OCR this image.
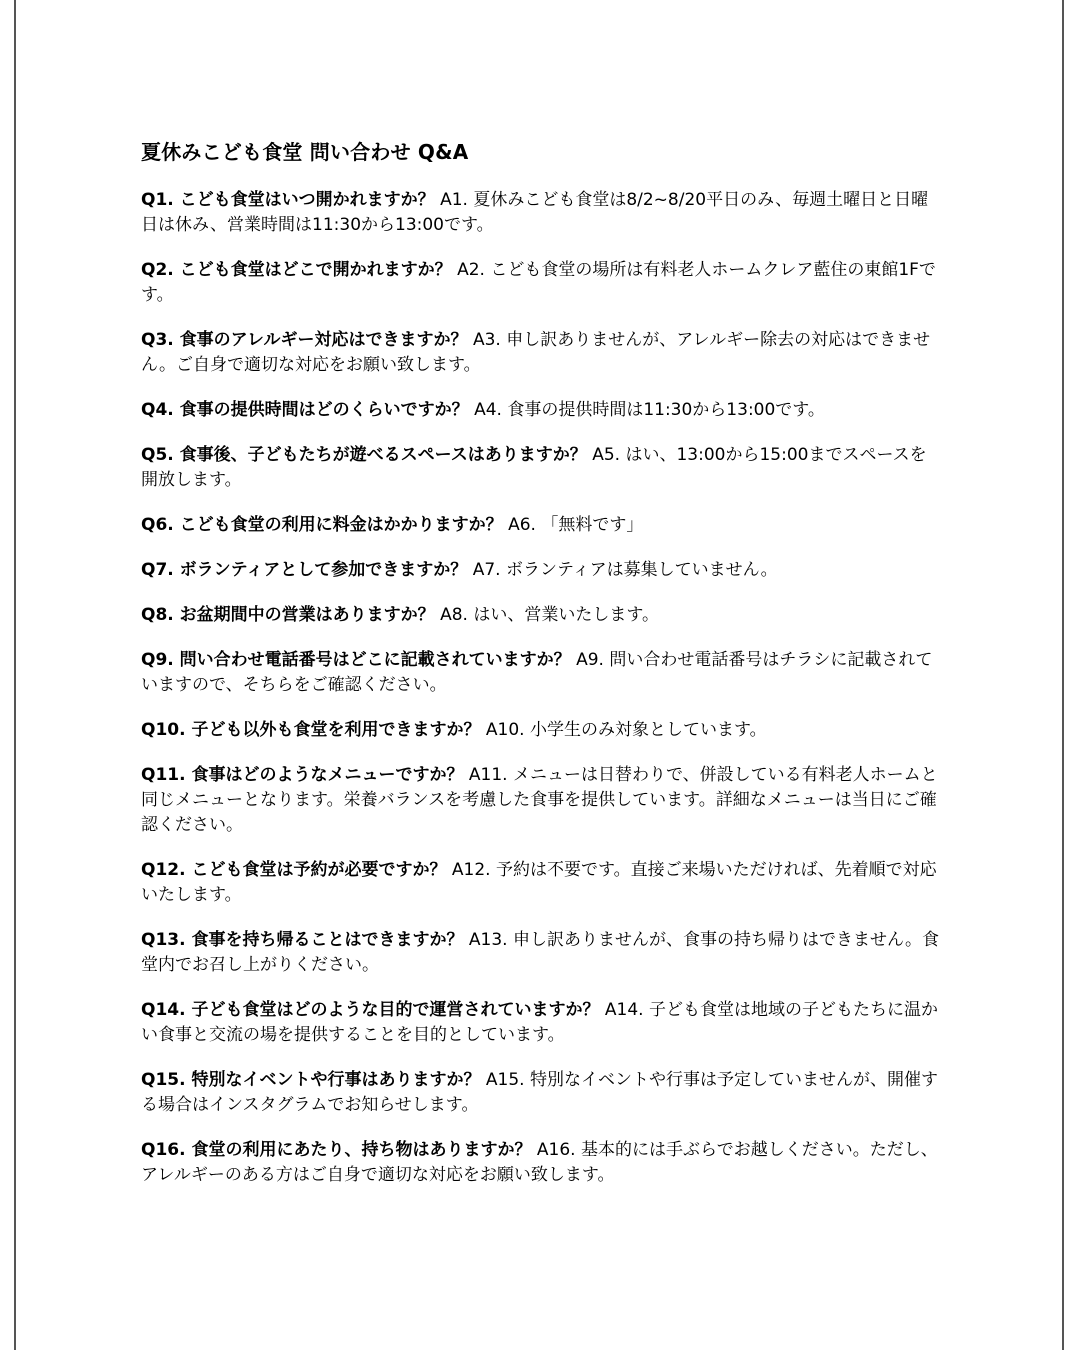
夏休みこども食堂 問い合わせ Q&A
Q1. こども食堂はいつ開かれますか？ A1. 夏休みこども食堂は8/2~8/20平日のみ、毎週土曜日と日曜日は休み、営業時間は11:30から13:00です。
Q2. こども食堂はどこで開かれますか？ A2. こども食堂の場所は有料老人ホームクレア藍住の東館1Fです。
Q3. 食事のアレルギー対応はできますか？ A3. 申し訳ありませんが、アレルギー除去の対応はできません。ご自身で適切な対応をお願い致します。
Q4. 食事の提供時間はどのくらいですか？ A4. 食事の提供時間は11:30から13:00です。
Q5. 食事後、子どもたちが遊べるスペースはありますか？ A5. はい、13:00から15:00までスペースを開放します。
Q6. こども食堂の利用に料金はかかりますか？ A6. 「無料です」
Q7. ボランティアとして参加できますか？ A7. ボランティアは募集していません。
Q8. お盆期間中の営業はありますか？ A8. はい、営業いたします。
Q9. 問い合わせ電話番号はどこに記載されていますか？ A9. 問い合わせ電話番号はチラシに記載されていますので、そちらをご確認ください。
Q10. 子ども以外も食堂を利用できますか？ A10. 小学生のみ対象としています。
Q11. 食事はどのようなメニューですか？ A11. メニューは日替わりで、併設している有料老人ホームと同じメニューとなります。栄養バランスを考慮した食事を提供しています。詳細なメニューは当日にご確認ください。
Q12. こども食堂は予約が必要ですか？ A12. 予約は不要です。直接ご来場いただければ、先着順で対応いたします。
Q13. 食事を持ち帰ることはできますか？ A13. 申し訳ありませんが、食事の持ち帰りはできません。食堂内でお召し上がりください。
Q14. 子ども食堂はどのような目的で運営されていますか？ A14. 子ども食堂は地域の子どもたちに温かい食事と交流の場を提供することを目的としています。
Q15. 特別なイベントや行事はありますか？ A15. 特別なイベントや行事は予定していませんが、開催する場合はインスタグラムでお知らせします。
Q16. 食堂の利用にあたり、持ち物はありますか？ A16. 基本的には手ぶらでお越しください。ただし、アレルギーのある方はご自身で適切な対応をお願い致します。
